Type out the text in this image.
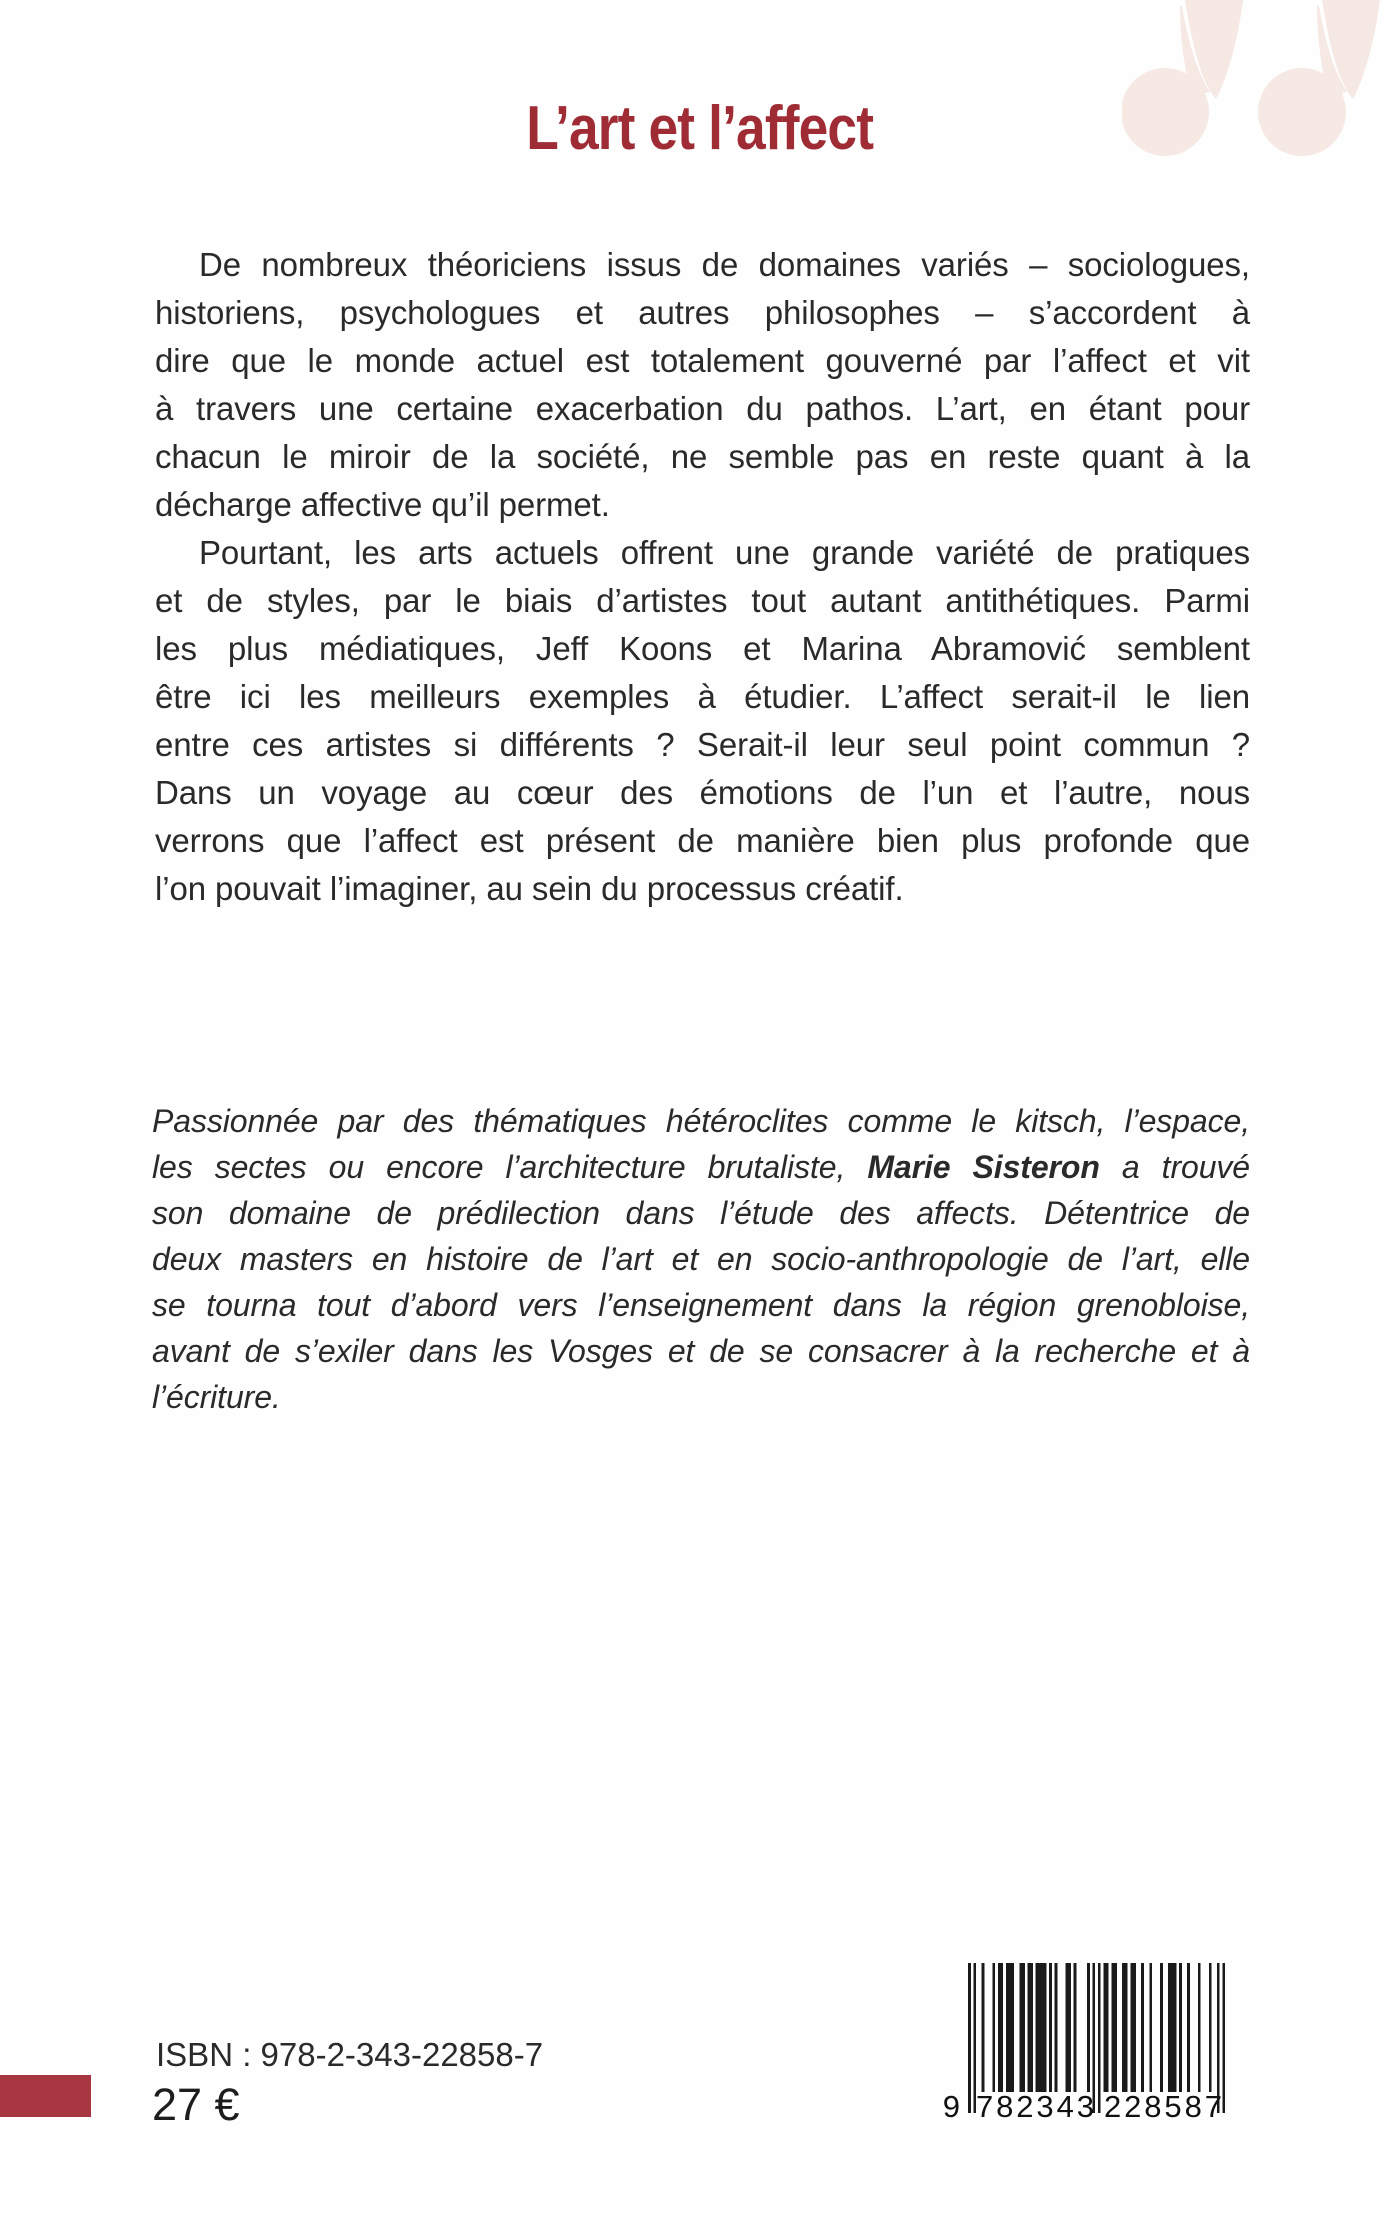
L’art et l’affect
De nombreux théoriciens issus de domaines variés – sociologues,
historiens, psychologues et autres philosophes – s’accordent à
dire que le monde actuel est totalement gouverné par l’affect et vit
à travers une certaine exacerbation du pathos. L’art, en étant pour
chacun le miroir de la société, ne semble pas en reste quant à la
décharge affective qu’il permet.
Pourtant, les arts actuels offrent une grande variété de pratiques
et de styles, par le biais d’artistes tout autant antithétiques. Parmi
les plus médiatiques, Jeff Koons et Marina Abramović semblent
être ici les meilleurs exemples à étudier. L’affect serait-il le lien
entre ces artistes si différents ? Serait-il leur seul point commun ?
Dans un voyage au cœur des émotions de l’un et l’autre, nous
verrons que l’affect est présent de manière bien plus profonde que
l’on pouvait l’imaginer, au sein du processus créatif.
Passionnée par des thématiques hétéroclites comme le kitsch, l’espace,
les sectes ou encore l’architecture brutaliste, Marie Sisteron a trouvé
son domaine de prédilection dans l’étude des affects. Détentrice de
deux masters en histoire de l’art et en socio-anthropologie de l’art, elle
se tourna tout d’abord vers l’enseignement dans la région grenobloise,
avant de s’exiler dans les Vosges et de se consacrer à la recherche et à
l’écriture.
ISBN : 978-2-343-22858-7
27 €	9 7 8 2 3 4 3 2 2 8 5 8 7
